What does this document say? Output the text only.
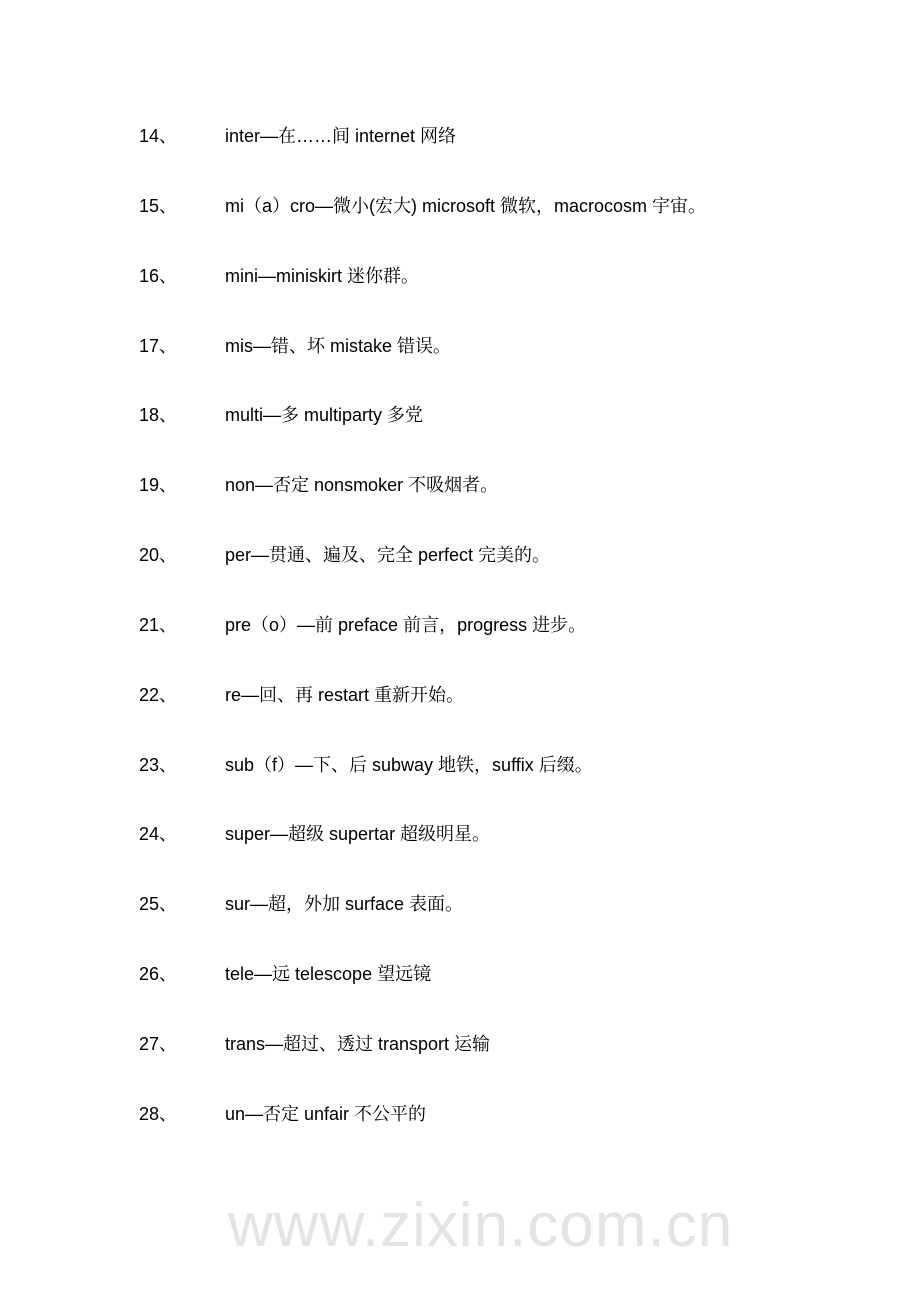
14、	inter—在……间 internet 网络
15、	mi（a）cro—微小(宏大) microsoft 微软，macrocosm 宇宙。
16、	mini—miniskirt 迷你群。
17、	mis—错、坏 mistake 错误。
18、	multi—多 multiparty 多党
19、	non—否定 nonsmoker 不吸烟者。
20、	per—贯通、遍及、完全 perfect 完美的。
21、	pre（o）—前 preface 前言，progress 进步。
22、	re—回、再 restart 重新开始。
23、	sub（f）—下、后 subway 地铁，suffix 后缀。
24、	super—超级 supertar 超级明星。
25、	sur—超，外加 surface 表面。
26、	tele—远 telescope 望远镜
27、	trans—超过、透过 transport 运输
28、	un—否定 unfair 不公平的
www.zixin.com.cn
